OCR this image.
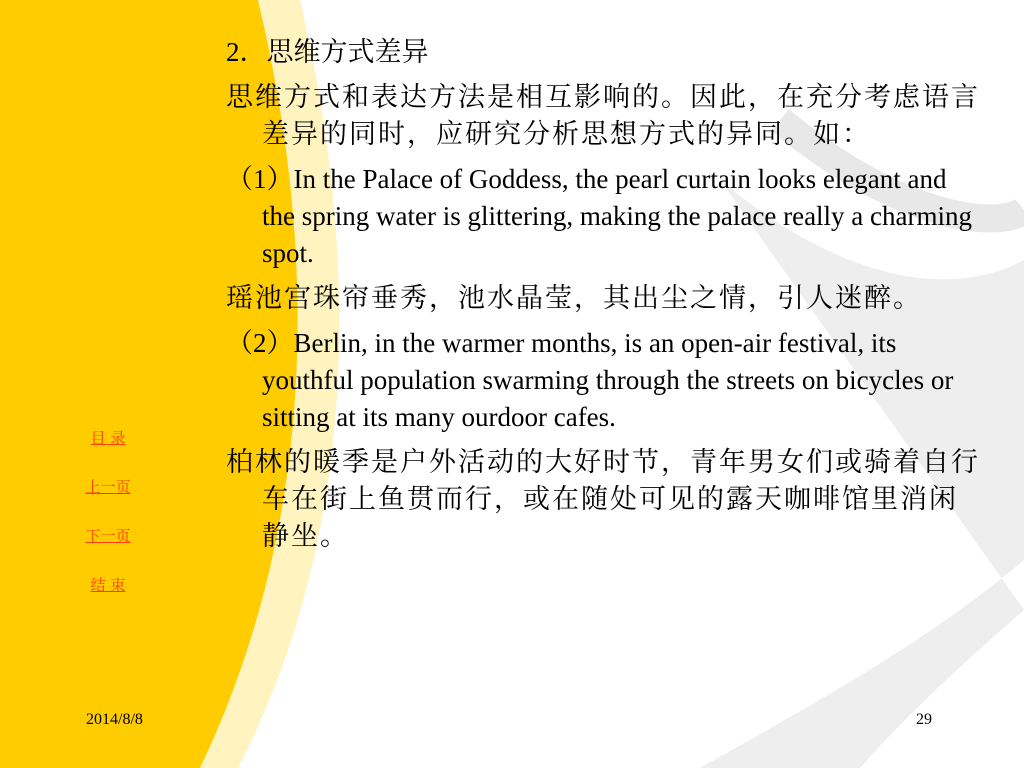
2．思维方式差异

思维方式和表达方法是相互影响的。因此，在充分考虑语言差异的同时，应研究分析思想方式的异同。如：

（1）In the Palace of Goddess, the pearl curtain looks elegant and the spring water is glittering, making the palace really a charming spot.

瑶池宫珠帘垂秀，池水晶莹，其出尘之情，引人迷醉。

（2）Berlin, in the warmer months, is an open-air festival, its youthful population swarming through the streets on bicycles or sitting at its many ourdoor cafes.

柏林的暖季是户外活动的大好时节，青年男女们或骑着自行车在街上鱼贯而行，或在随处可见的露天咖啡馆里消闲静坐。

目 录
上一页
下一页
结 束
2014/8/8	29
